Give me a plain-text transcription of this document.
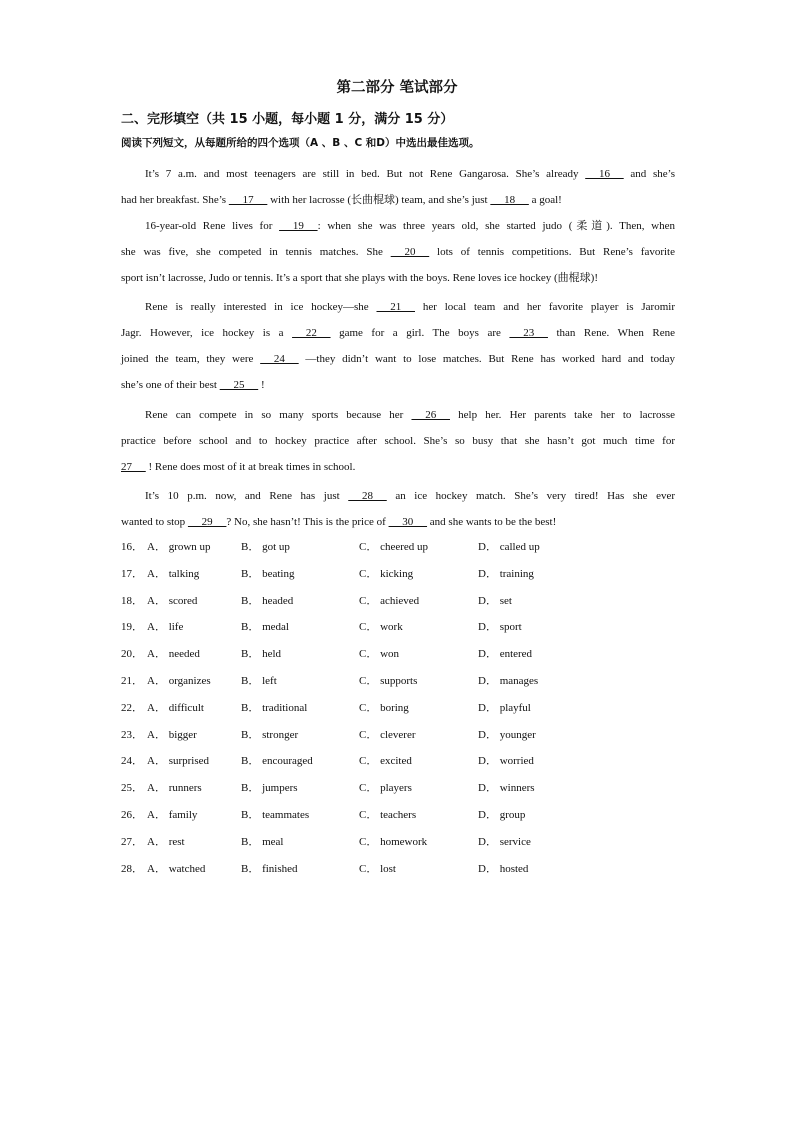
第二部分 笔试部分
二、完形填空（共 15 小题，每小题 1 分，满分 15 分）
阅读下列短文，从每题所给的四个选项（A 、B 、C 和D）中选出最佳选项。
It’s 7 a.m. and most teenagers are still in bed. But not Rene Gangarosa. She’s already      16      and she’s
had her breakfast. She’s      17      with her lacrosse (长曲棍球) team, and she’s just      18      a goal!
16-year-old Rene lives for      19     : when she was three years old, she started judo (柔道). Then, when
she was five, she competed in tennis matches. She      20      lots of tennis competitions. But Rene’s favorite
sport isn’t lacrosse, Judo or tennis. It’s a sport that she plays with the boys. Rene loves ice hockey (曲棍球)!
Rene is really interested in ice hockey—she      21      her local team and her favorite player is Jaromir
Jagr. However, ice hockey is a      22      game for a girl. The boys are      23      than Rene. When Rene
joined the team, they were      24      —they didn’t want to lose matches. But Rene has worked hard and today
she’s one of their best      25      !
Rene can compete in so many sports because her      26      help her. Her parents take her to lacrosse
practice before school and to hockey practice after school. She’s so busy that she hasn’t got much time for
27      ! Rene does most of it at break times in school.
It’s 10 p.m. now, and Rene has just      28      an ice hockey match. She’s very tired! Has she ever
wanted to stop      29     ? No, she hasn’t! This is the price of      30      and she wants to be the best!
16． A． grown up	B． got up	C． cheered up	D． called up
17． A． talking	B． beating	C． kicking	D． training
18． A． scored	B． headed	C． achieved	D． set
19． A． life	B． medal	C． work	D． sport
20． A． needed	B． held	C． won	D． entered
21． A． organizes	B． left	C． supports	D． manages
22． A． difficult	B． traditional	C． boring	D． playful
23． A． bigger	B． stronger	C． cleverer	D． younger
24． A． surprised	B． encouraged	C． excited	D． worried
25． A． runners	B． jumpers	C． players	D． winners
26． A． family	B． teammates	C． teachers	D． group
27． A． rest	B． meal	C． homework	D． service
28． A． watched	B． finished	C． lost	D． hosted
